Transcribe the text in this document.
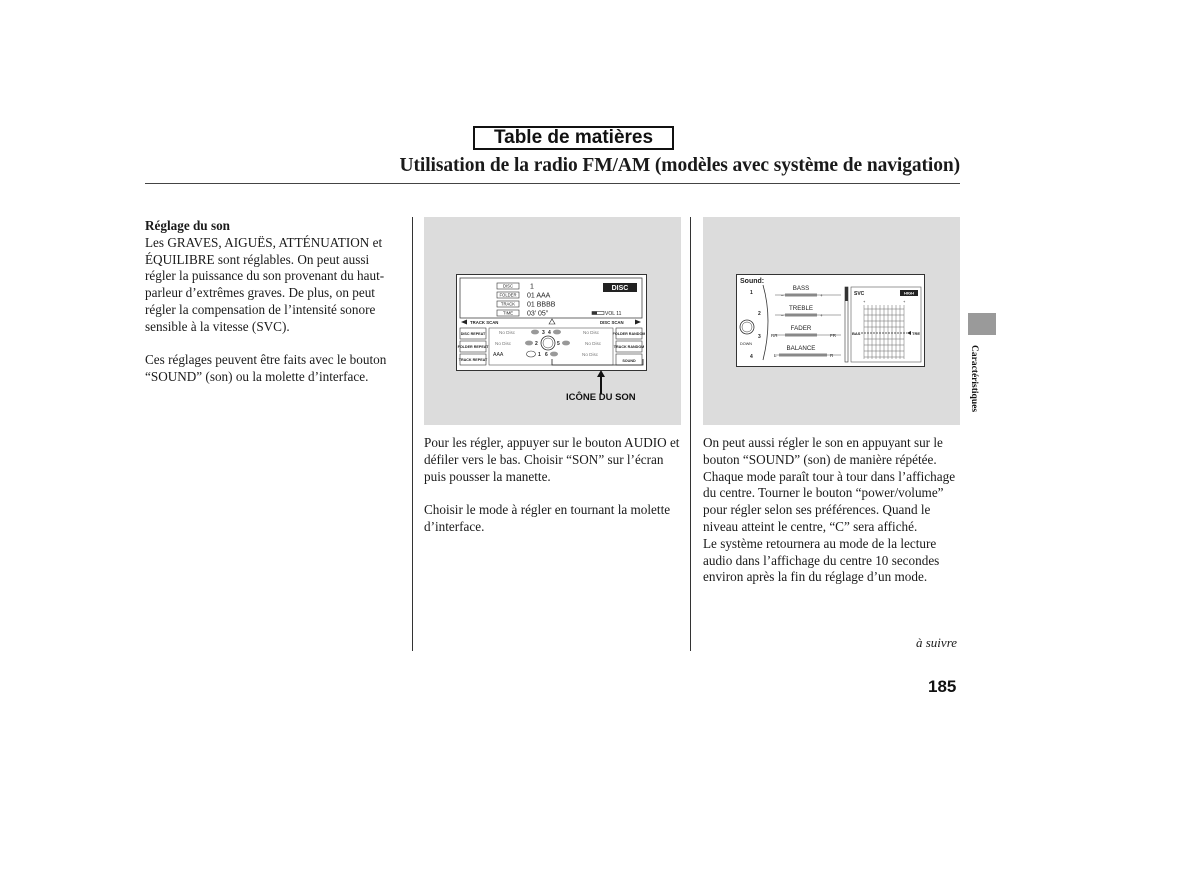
Table de matières
Utilisation de la radio FM/AM (modèles avec système de navigation)
Réglage du son

Les GRAVES, AIGUËS, ATTÉNUATION et ÉQUILIBRE sont réglables. On peut aussi régler la puissance du son provenant du haut-parleur d’extrêmes graves. De plus, on peut régler la compensation de l’intensité sonore sensible à la vitesse (SVC).

Ces réglages peuvent être faits avec le bouton “SOUND” (son) ou la molette d’interface.

DISC
FOLDER
TRACK
TIME
1
01 AAA
01 BBBB
03’ 05”
DISC
VOL 11
TRACK SCAN	DISC SCAN
DISC REPEAT
FOLDER REPEAT
TRACK REPEAT
FOLDER RANDOM
TRACK RANDOM
SOUND
No Disc
No Disc
No Disc
No Disc
No Disc
AAA
3 4
2	5
1 6
ICÔNE DU SON
Sound:
1
2
3
4
DOWN
BASS
TREBLE
FADER
BALANCE
–	+
–	+
RR	FR
L	R
SVC	HIGH
BAS	TRE
+	+

Pour les régler, appuyer sur le bouton AUDIO et défiler vers le bas. Choisir “SON” sur l’écran puis pousser la manette.

Choisir le mode à régler en tournant la molette d’interface.

On peut aussi régler le son en appuyant sur le bouton “SOUND” (son) de manière répétée. Chaque mode paraît tour à tour dans l’affichage du centre. Tourner le bouton “power/volume” pour régler selon ses préférences. Quand le niveau atteint le centre, “C” sera affiché.

Le système retournera au mode de la lecture audio dans l’affichage du centre 10 secondes environ après la fin du réglage d’un mode.

Caractéristiques
à suivre
185
